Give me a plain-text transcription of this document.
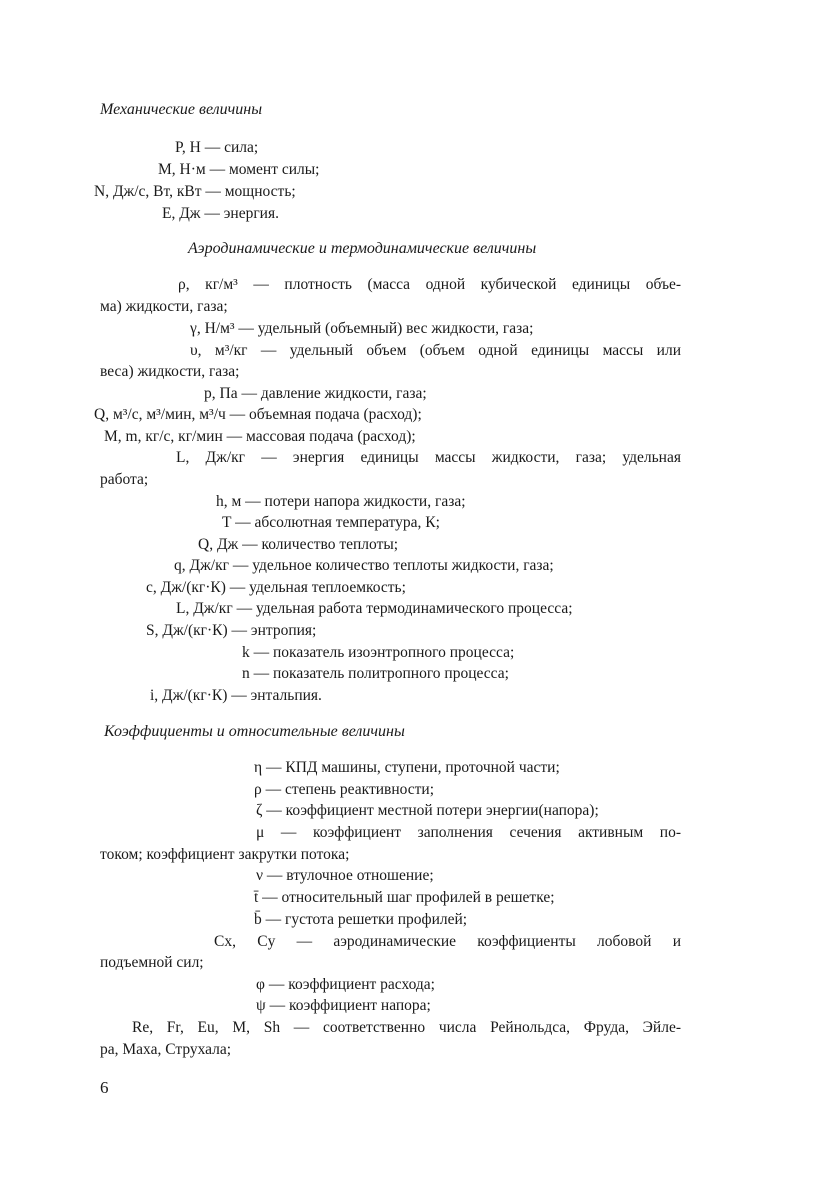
Механические величины
P, H — сила;
M, Н·м — момент силы;
N, Дж/с, Вт, кВт — мощность;
E, Дж — энергия.
Аэродинамические и термодинамические величины
ρ, кг/м³ — плотность (масса одной кубической единицы объе-
ма) жидкости, газа;
γ, Н/м³ — удельный (объемный) вес жидкости, газа;
υ, м³/кг — удельный объем (объем одной единицы массы или
веса) жидкости, газа;
p, Па — давление жидкости, газа;
Q, м³/с, м³/мин, м³/ч — объемная подача (расход);
M, m, кг/с, кг/мин — массовая подача (расход);
L, Дж/кг — энергия единицы массы жидкости, газа; удельная
работа;
h, м — потери напора жидкости, газа;
T — абсолютная температура, К;
Q, Дж — количество теплоты;
q, Дж/кг — удельное количество теплоты жидкости, газа;
c, Дж/(кг·К) — удельная теплоемкость;
L, Дж/кг — удельная работа термодинамического процесса;
S, Дж/(кг·К) — энтропия;
k — показатель изоэнтропного процесса;
n — показатель политропного процесса;
i, Дж/(кг·К) — энтальпия.
Коэффициенты и относительные величины
η — КПД машины, ступени, проточной части;
ρ — степень реактивности;
ζ — коэффициент местной потери энергии(напора);
μ — коэффициент заполнения сечения активным по-
током; коэффициент закрутки потока;
ν — втулочное отношение;
t̄ — относительный шаг профилей в решетке;
b̄ — густота решетки профилей;
Cx, Cy — аэродинамические коэффициенты лобовой и
подъемной сил;
φ — коэффициент расхода;
ψ — коэффициент напора;
Re, Fr, Eu, M, Sh — соответственно числа Рейнольдса, Фруда, Эйле-
ра, Маха, Струхала;
6
